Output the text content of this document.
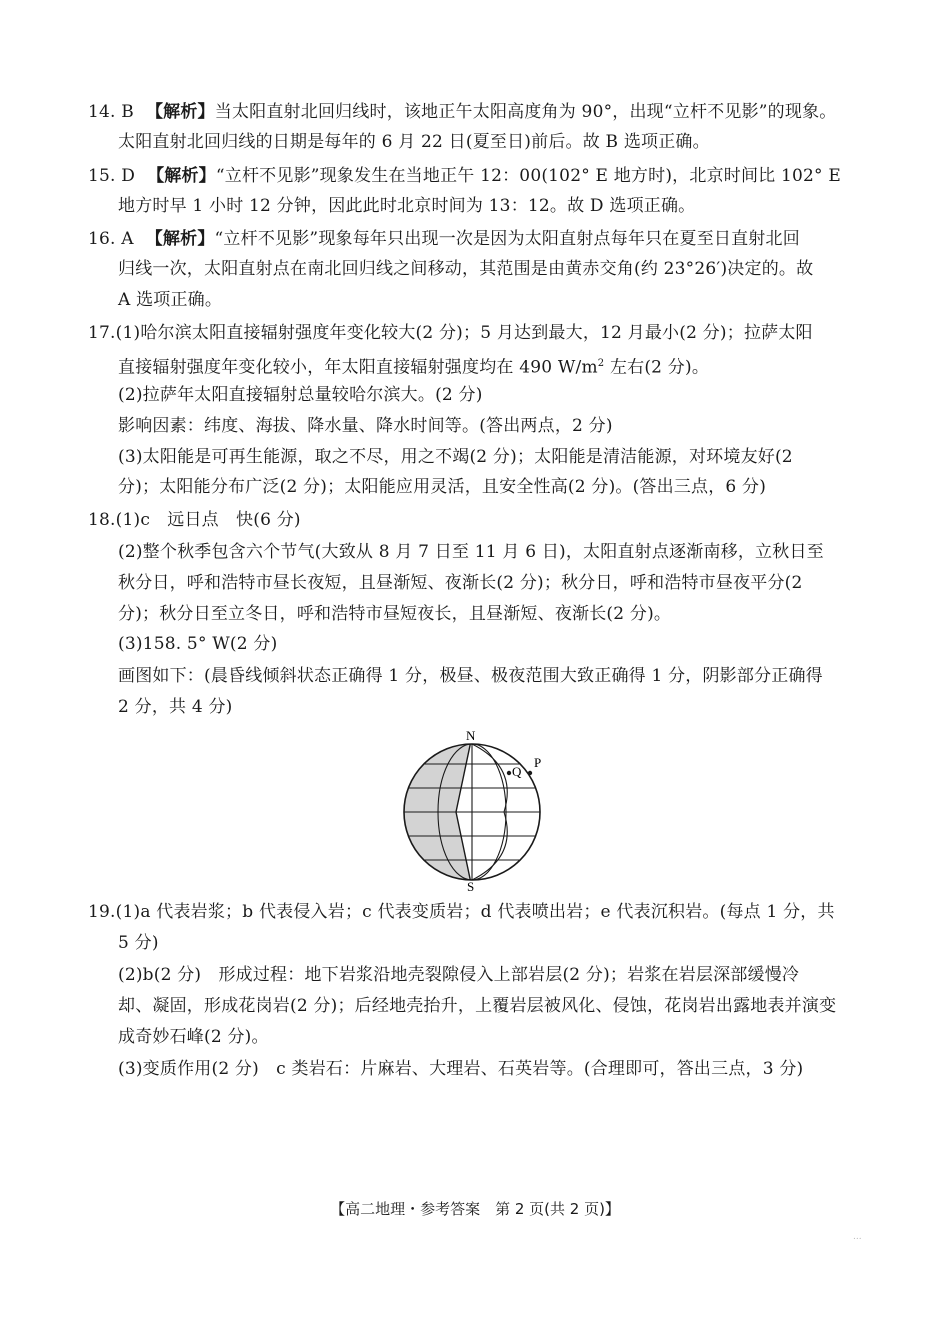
14. B 【解析】当太阳直射北回归线时，该地正午太阳高度角为 90°，出现“立杆不见影”的现象。
太阳直射北回归线的日期是每年的 6 月 22 日(夏至日)前后。故 B 选项正确。
15. D 【解析】“立杆不见影”现象发生在当地正午 12：00(102° E 地方时)，北京时间比 102° E
地方时早 1 小时 12 分钟，因此此时北京时间为 13：12。故 D 选项正确。
16. A 【解析】“立杆不见影”现象每年只出现一次是因为太阳直射点每年只在夏至日直射北回
归线一次，太阳直射点在南北回归线之间移动，其范围是由黄赤交角(约 23°26′)决定的。故
A 选项正确。
17.(1)哈尔滨太阳直接辐射强度年变化较大(2 分)；5 月达到最大，12 月最小(2 分)；拉萨太阳
直接辐射强度年变化较小，年太阳直接辐射强度均在 490 $W/m^2$ 左右(2 分)。
(2)拉萨年太阳直接辐射总量较哈尔滨大。(2 分)
影响因素：纬度、海拔、降水量、降水时间等。(答出两点，2 分)
(3)太阳能是可再生能源，取之不尽，用之不竭(2 分)；太阳能是清洁能源，对环境友好(2
分)；太阳能分布广泛(2 分)；太阳能应用灵活，且安全性高(2 分)。(答出三点，6 分)
18.(1)c　远日点　快(6 分)
(2)整个秋季包含六个节气(大致从 8 月 7 日至 11 月 6 日)，太阳直射点逐渐南移，立秋日至
秋分日，呼和浩特市昼长夜短，且昼渐短、夜渐长(2 分)；秋分日，呼和浩特市昼夜平分(2
分)；秋分日至立冬日，呼和浩特市昼短夜长，且昼渐短、夜渐长(2 分)。
(3)158. 5° W(2 分)
画图如下：(晨昏线倾斜状态正确得 1 分，极昼、极夜范围大致正确得 1 分，阴影部分正确得
2 分，共 4 分)
N
S
Q
P
19.(1)a 代表岩浆；b 代表侵入岩；c 代表变质岩；d 代表喷出岩；e 代表沉积岩。(每点 1 分，共
5 分)
(2)b(2 分)　形成过程：地下岩浆沿地壳裂隙侵入上部岩层(2 分)；岩浆在岩层深部缓慢冷
却、凝固，形成花岗岩(2 分)；后经地壳抬升，上覆岩层被风化、侵蚀，花岗岩出露地表并演变
成奇妙石峰(2 分)。
(3)变质作用(2 分)　c 类岩石：片麻岩、大理岩、石英岩等。(合理即可，答出三点，3 分)
【高二地理・参考答案　第 2 页(共 2 页)】
...
